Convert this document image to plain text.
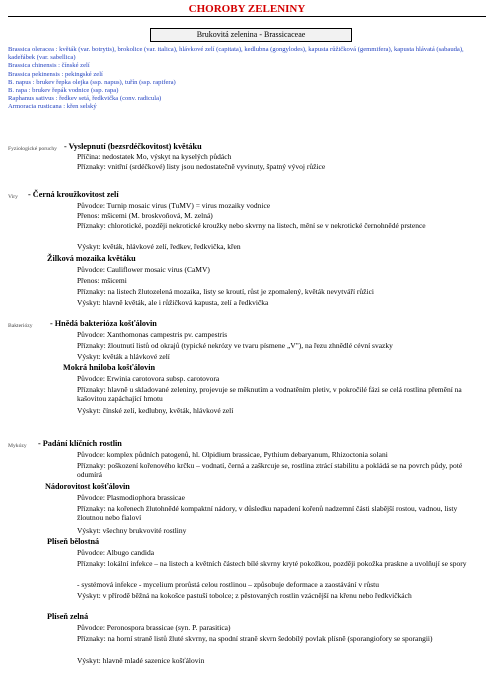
CHOROBY ZELENINY
Brukovitá zelenina - Brassicaceae
Brassica oleracea : květák (var. botrytis), brokolice (var. italica), hlávkové zelí (capitata), kedlubna (gongylodes), kapusta růžičková (gemmifera), kapusta hlávatá (sabauda), kadeřábek (var. sabellica)
Brassica chinensis : čínské zelí
Brassica pekinensis : pekingské zelí
B. napus : brukev řepka olejka (ssp. napus), tuřín (ssp. rapifera)
B. rapa : brukev řepák vodnice (ssp. rapa)
Raphanus sativus : ředkev setá, ředkvička (conv. radicula)
Armoracia rusticana : křen selský
Fyziologické poruchy - Vyslepnutí (bezsrdéčkovitost) květáku
Příčina: nedostatek Mo, výskyt na kyselých půdách
Příznaky: vnitřní (srdéčkové) listy jsou nedostatečně vyvinuty, špatný vývoj růžice
Viry - Černá kroužkovitost zelí
Původce: Turnip mosaic virus (TuMV) = virus mozaiky vodnice
Přenos: mšicemi (M. broskvoňová, M. zelná)
Příznaky: chlorotické, později nekrotické kroužky nebo skvrny na listech, mění se v nekrotické černohnědé prstence
Výskyt: květák, hlávkové zelí, ředkev, ředkvička, křen
Žilková mozaika květáku
Původce: Cauliflower mosaic virus (CaMV)
Přenos: mšicemi
Příznaky: na listech žlutozelená mozaika, listy se kroutí, růst je zpomalený, květák nevytváří růžici
Výskyt: hlavně květák, ale i růžičková kapusta, zelí a ředkvička
Bakteriózy - Hnědá bakterióza košťálovin
Původce: Xanthomonas campestris pv. campestris
Příznaky: žloutnutí listů od okrajů (typické nekrózy ve tvaru písmene „V"), na řezu zhnědlé cévní svazky
Výskyt: květák a hlávkové zelí
Mokrá hniloba košťálovin
Původce: Erwinia carotovora subsp. carotovora
Příznaky: hlavně u skladované zeleniny, projevuje se měknutím a vodnatěním pletiv, v pokročilé fázi se celá rostlina přemění na kašovitou zapáchající hmotu
Výskyt: čínské zelí, kedlubny, květák, hlávkové zelí
Mykózy - Padání klíčních rostlin
Původce: komplex půdních patogenů, hl. Olpidium brassicae, Pythium debaryanum, Rhizoctonia solani
Příznaky: poškození kořenového krčku – vodnatí, černá a zaškrcuje se, rostlina ztrácí stabilitu a pokládá se na povrch půdy, poté odumírá
Nádorovitost košťálovin
Původce: Plasmodiophora brassicae
Příznaky: na kořenech žlutohnědé kompaktní nádory, v důsledku napadení kořenů nadzemní části slabější rostou, vadnou, listy žloutnou nebo fialoví
Výskyt: všechny brukvovité rostliny
Plíseň bělostná
Původce: Albugo candida
Příznaky: lokální infekce – na listech a květních částech bílé skvrny kryté pokožkou, později pokožka praskne a uvolňují se spory
- systémová infekce - mycelium prorůstá celou rostlinou – způsobuje deformace a zaostávání v růstu
Výskyt: v přírodě běžná na kokošce pastuší tobolce; z pěstovaných rostlin vzácnější na křenu nebo ředkvičkách
Plíseň zelná
Původce: Peronospora brassicae (syn. P. parasitica)
Příznaky: na horní straně listů žluté skvrny, na spodní straně skvrn šedobílý povlak plísně (sporangiofory se sporangii)
Výskyt: hlavně mladé sazenice košťálovin
